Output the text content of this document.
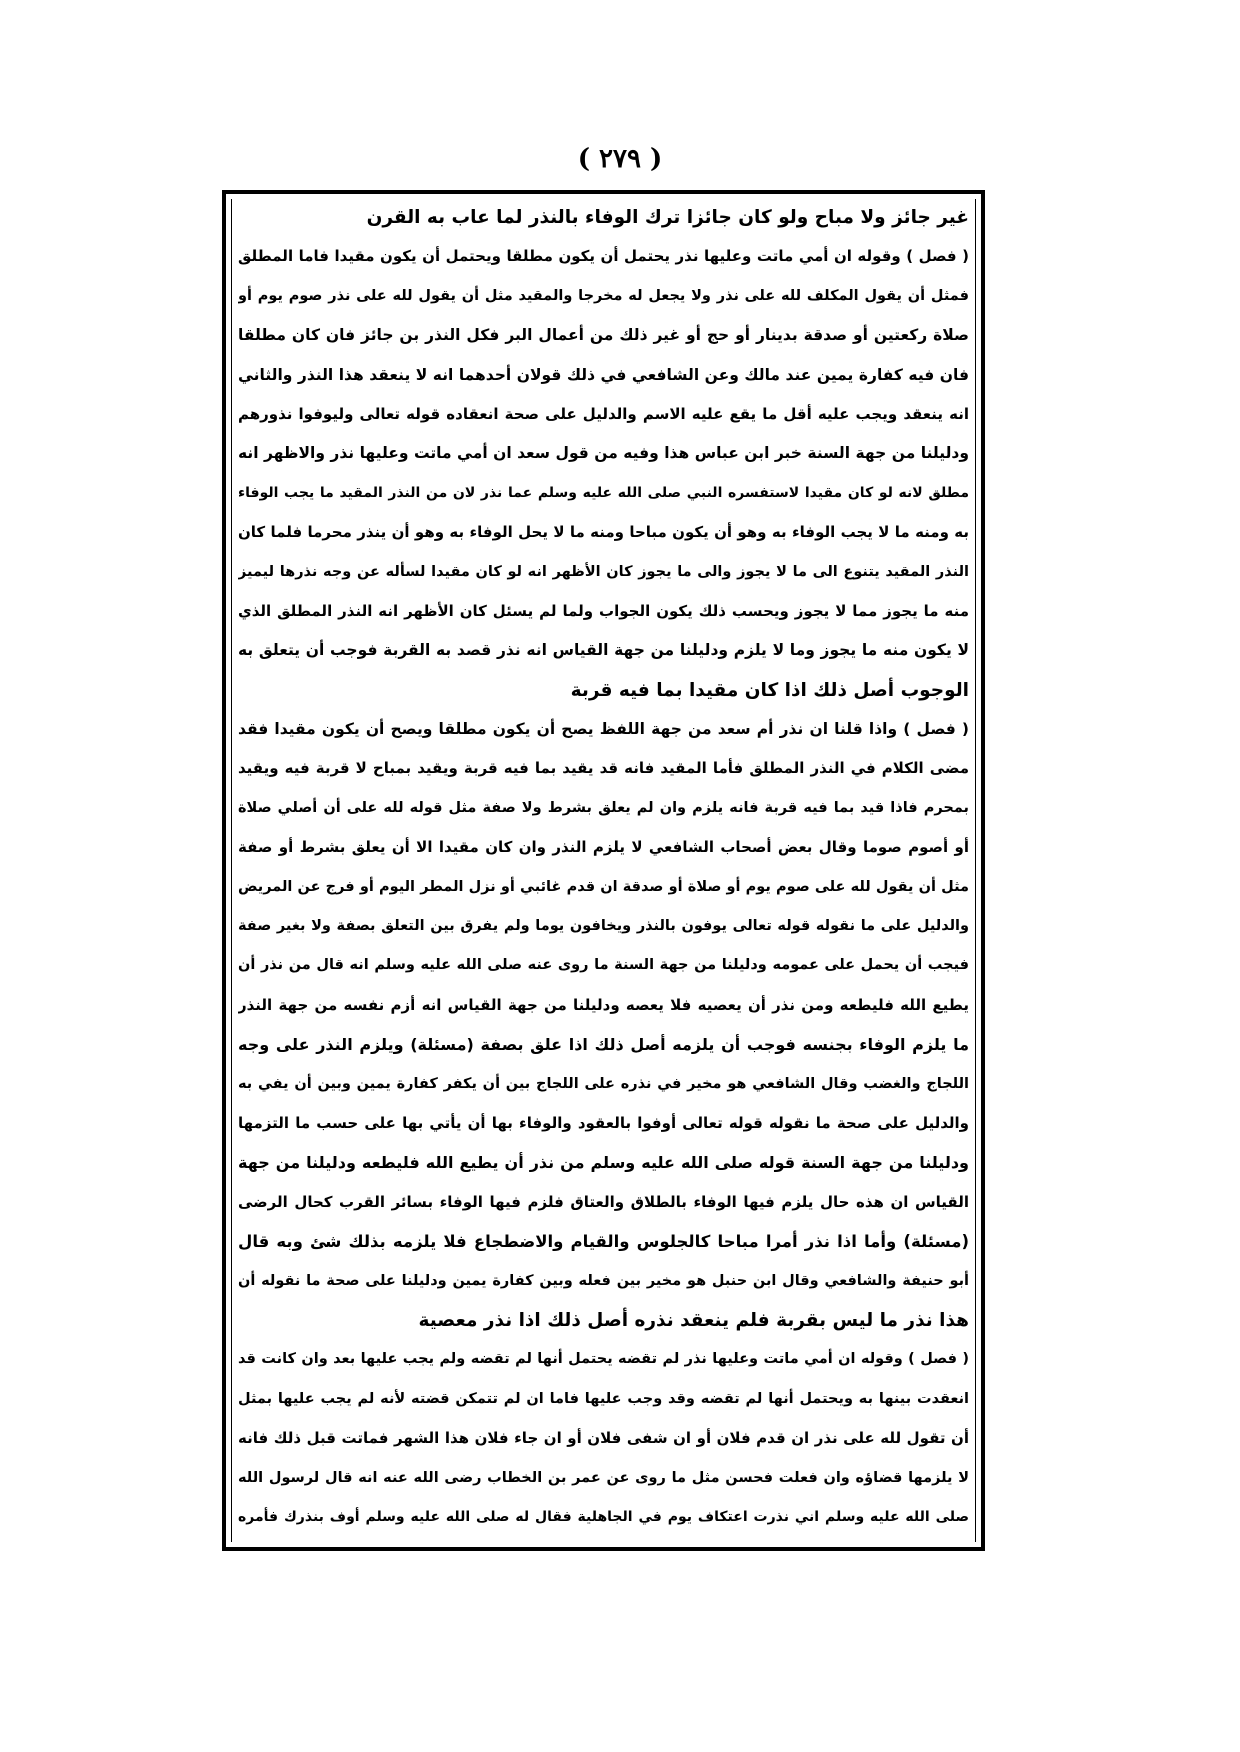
( ۲۷۹ )
غير جائز ولا مباح ولو كان جائزا ترك الوفاء بالنذر لما عاب به القرن
( فصل ) وقوله ان أمي ماتت وعليها نذر يحتمل أن يكون مطلقا ويحتمل أن يكون مقيدا فاما المطلق
فمثل أن يقول المكلف لله على نذر ولا يجعل له مخرجا والمقيد مثل أن يقول لله على نذر صوم يوم أو
صلاة ركعتين أو صدقة بدينار أو حج أو غير ذلك من أعمال البر فكل النذر بن جائز فان كان مطلقا
فان فيه كفارة يمين عند مالك وعن الشافعي في ذلك قولان أحدهما انه لا ينعقد هذا النذر والثاني
انه ينعقد ويجب عليه أقل ما يقع عليه الاسم والدليل على صحة انعقاده قوله تعالى وليوفوا نذورهم
ودليلنا من جهة السنة خبر ابن عباس هذا وفيه من قول سعد ان أمي ماتت وعليها نذر والاظهر انه
مطلق لانه لو كان مقيدا لاستفسره النبي صلى الله عليه وسلم عما نذر لان من النذر المقيد ما يجب الوفاء
به ومنه ما لا يجب الوفاء به وهو أن يكون مباحا ومنه ما لا يحل الوفاء به وهو أن ينذر محرما فلما كان
النذر المقيد يتنوع الى ما لا يجوز والى ما يجوز كان الأظهر انه لو كان مقيدا لسأله عن وجه نذرها ليميز
منه ما يجوز مما لا يجوز ويحسب ذلك يكون الجواب ولما لم يسئل كان الأظهر انه النذر المطلق الذي
لا يكون منه ما يجوز وما لا يلزم ودليلنا من جهة القياس انه نذر قصد به القربة فوجب أن يتعلق به
الوجوب أصل ذلك اذا كان مقيدا بما فيه قربة
( فصل ) واذا قلنا ان نذر أم سعد من جهة اللفظ يصح أن يكون مطلقا ويصح أن يكون مقيدا فقد
مضى الكلام في النذر المطلق فأما المقيد فانه قد يقيد بما فيه قربة ويقيد بمباح لا قربة فيه ويقيد
بمحرم فاذا قيد بما فيه قربة فانه يلزم وان لم يعلق بشرط ولا صفة مثل قوله لله على أن أصلي صلاة
أو أصوم صوما وقال بعض أصحاب الشافعي لا يلزم النذر وان كان مقيدا الا أن يعلق بشرط أو صفة
مثل أن يقول لله على صوم يوم أو صلاة أو صدقة ان قدم غائبي أو نزل المطر اليوم أو فرج عن المريض
والدليل على ما نقوله قوله تعالى يوفون بالنذر ويخافون يوما ولم يفرق بين التعلق بصفة ولا بغير صفة
فيجب أن يحمل على عمومه ودليلنا من جهة السنة ما روى عنه صلى الله عليه وسلم انه قال من نذر أن
يطيع الله فليطعه ومن نذر أن يعصيه فلا يعصه ودليلنا من جهة القياس انه أزم نفسه من جهة النذر
ما يلزم الوفاء بجنسه فوجب أن يلزمه أصل ذلك اذا علق بصفة (مسئلة) ويلزم النذر على وجه
اللجاج والغضب وقال الشافعي هو مخير في نذره على اللجاج بين أن يكفر كفارة يمين وبين أن يفي به
والدليل على صحة ما نقوله قوله تعالى أوفوا بالعقود والوفاء بها أن يأتي بها على حسب ما التزمها
ودليلنا من جهة السنة قوله صلى الله عليه وسلم من نذر أن يطيع الله فليطعه ودليلنا من جهة
القياس ان هذه حال يلزم فيها الوفاء بالطلاق والعتاق فلزم فيها الوفاء بسائر القرب كحال الرضى
(مسئلة) وأما اذا نذر أمرا مباحا كالجلوس والقيام والاضطجاع فلا يلزمه بذلك شئ وبه قال
أبو حنيفة والشافعي وقال ابن حنبل هو مخير بين فعله وبين كفارة يمين ودليلنا على صحة ما نقوله أن
هذا نذر ما ليس بقربة فلم ينعقد نذره أصل ذلك اذا نذر معصية
( فصل ) وقوله ان أمي ماتت وعليها نذر لم تقضه يحتمل أنها لم تقضه ولم يجب عليها بعد وان كانت قد
انعقدت بينها به ويحتمل أنها لم تقضه وقد وجب عليها فاما ان لم تتمكن قضته لأنه لم يجب عليها بمثل
أن تقول لله على نذر ان قدم فلان أو ان شفى فلان أو ان جاء فلان هذا الشهر فماتت قبل ذلك فانه
لا يلزمها قضاؤه وان فعلت فحسن مثل ما روى عن عمر بن الخطاب رضى الله عنه انه قال لرسول الله
صلى الله عليه وسلم اني نذرت اعتكاف يوم في الجاهلية فقال له صلى الله عليه وسلم أوف بنذرك فأمره
